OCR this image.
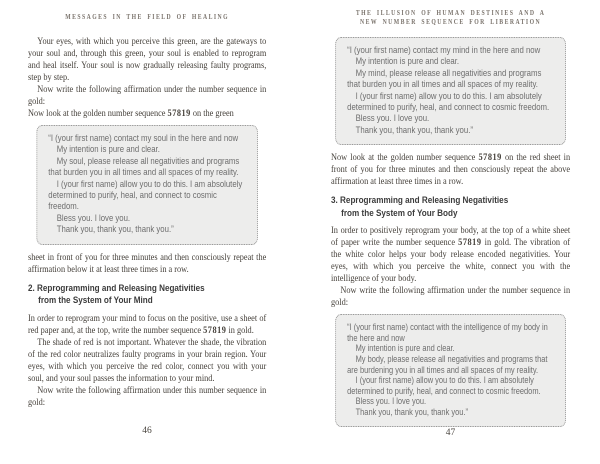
MESSAGES IN THE FIELD OF HEALING

Your eyes, with which you perceive this green, are the gateways to your soul and, through this green, your soul is enabled to reprogram and heal itself. Your soul is now gradually releasing faulty programs, step by step.

Now write the following affirmation under the number sequence in gold:

Now look at the golden number sequence 57819 on the green

“I (your first name) contact my soul in the here and now

My intention is pure and clear.

My soul, please release all negativities and programs that burden you in all times and all spaces of my reality.

I (your first name) allow you to do this. I am absolutely determined to purify, heal, and connect to cosmic freedom.

Bless you. I love you.

Thank you, thank you, thank you.”

sheet in front of you for three minutes and then consciously repeat the affirmation below it at least three times in a row.

2. Reprogramming and Releasing Negativities
from the System of Your Mind

In order to reprogram your mind to focus on the positive, use a sheet of red paper and, at the top, write the number sequence 57819 in gold.

The shade of red is not important. Whatever the shade, the vibration of the red color neutralizes faulty programs in your brain region. Your eyes, with which you perceive the red color, connect you with your soul, and your soul passes the information to your mind.

Now write the following affirmation under this number sequence in gold:

THE ILLUSION OF HUMAN DESTINIES AND A
NEW NUMBER SEQUENCE FOR LIBERATION

“I (your first name) contact my mind in the here and now

My intention is pure and clear.

My mind, please release all negativities and programs that burden you in all times and all spaces of my reality.

I (your first name) allow you to do this. I am absolutely determined to purify, heal, and connect to cosmic freedom.

Bless you. I love you.

Thank you, thank you, thank you.”

Now look at the golden number sequence 57819 on the red sheet in front of you for three minutes and then consciously repeat the above affirmation at least three times in a row.

3. Reprogramming and Releasing Negativities
from the System of Your Body

In order to positively reprogram your body, at the top of a white sheet of paper write the number sequence 57819 in gold. The vibration of the white color helps your body release encoded negativities. Your eyes, with which you perceive the white, connect you with the intelligence of your body.

Now write the following affirmation under the number sequence in gold:

“I (your first name) contact with the intelligence of my body in the here and now

My intention is pure and clear.

My body, please release all negativities and programs that are burdening you in all times and all spaces of my reality.

I (your first name) allow you to do this. I am absolutely determined to purify, heal, and connect to cosmic freedom.

Bless you. I love you.

Thank you, thank you, thank you.”

46	47
